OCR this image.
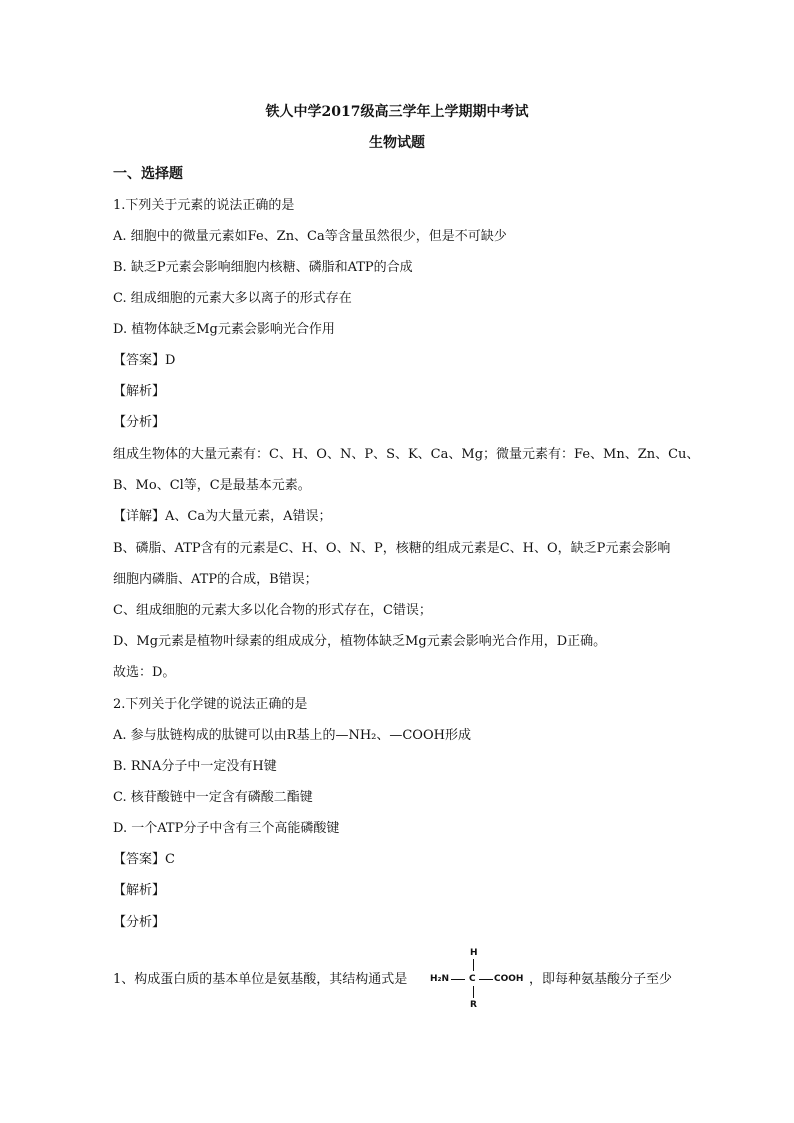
铁人中学2017级高三学年上学期期中考试
生物试题
一、选择题
1.下列关于元素的说法正确的是
A. 细胞中的微量元素如Fe、Zn、Ca等含量虽然很少，但是不可缺少
B. 缺乏P元素会影响细胞内核糖、磷脂和ATP的合成
C. 组成细胞的元素大多以离子的形式存在
D. 植物体缺乏Mg元素会影响光合作用
【答案】D
【解析】
【分析】
组成生物体的大量元素有：C、H、O、N、P、S、K、Ca、Mg；微量元素有：Fe、Mn、Zn、Cu、
B、Mo、Cl等，C是最基本元素。
【详解】A、Ca为大量元素，A错误；
B、磷脂、ATP含有的元素是C、H、O、N、P，核糖的组成元素是C、H、O，缺乏P元素会影响
细胞内磷脂、ATP的合成，B错误；
C、组成细胞的元素大多以化合物的形式存在，C错误；
D、Mg元素是植物叶绿素的组成成分，植物体缺乏Mg元素会影响光合作用，D正确。
故选：D。
2.下列关于化学键的说法正确的是
A. 参与肽链构成的肽键可以由R基上的—NH₂、—COOH形成
B. RNA分子中一定没有H键
C. 核苷酸链中一定含有磷酸二酯键
D. 一个ATP分子中含有三个高能磷酸键
【答案】C
【解析】
【分析】
1、构成蛋白质的基本单位是氨基酸，其结构通式是
H
H₂N C COOH
R
，即每种氨基酸分子至少
